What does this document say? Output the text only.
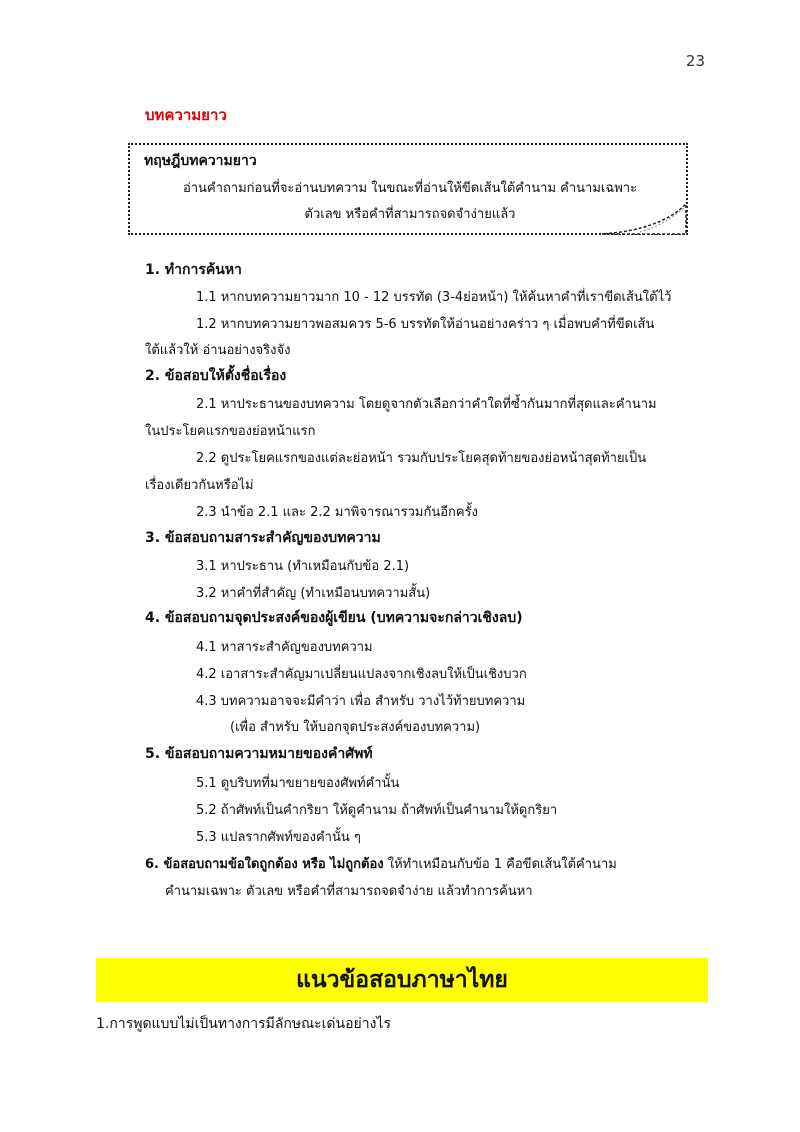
23
บทความยาว
ทฤษฎีบทความยาว
อ่านคำถามก่อนที่จะอ่านบทความ ในขณะที่อ่านให้ขีดเส้นใต้คำนาม คำนามเฉพาะ
ตัวเลข หรือคำที่สามารถจดจำง่ายแล้ว
1. ทำการค้นหา
1.1 หากบทความยาวมาก 10 - 12 บรรทัด (3-4ย่อหน้า) ให้ค้นหาคำที่เราขีดเส้นใต้ไว้
1.2 หากบทความยาวพอสมควร 5-6 บรรทัดให้อ่านอย่างคร่าว ๆ เมื่อพบคำที่ขีดเส้น
ใต้แล้วให้ อ่านอย่างจริงจัง
2. ข้อสอบให้ตั้งชื่อเรื่อง
2.1 หาประธานของบทความ โดยดูจากตัวเลือกว่าคำใดที่ซ้ำกันมากที่สุดและคำนาม
ในประโยคแรกของย่อหน้าแรก
2.2 ดูประโยคแรกของแต่ละย่อหน้า รวมกับประโยคสุดท้ายของย่อหน้าสุดท้ายเป็น
เรื่องเดียวกันหรือไม่
2.3 นำข้อ 2.1 และ 2.2 มาพิจารณารวมกันอีกครั้ง
3. ข้อสอบถามสาระสำคัญของบทความ
3.1 หาประธาน (ทำเหมือนกับข้อ 2.1)
3.2 หาคำที่สำคัญ (ทำเหมือนบทความสั้น)
4. ข้อสอบถามจุดประสงค์ของผู้เขียน (บทความจะกล่าวเชิงลบ)
4.1 หาสาระสำคัญของบทความ
4.2 เอาสาระสำคัญมาเปลี่ยนแปลงจากเชิงลบให้เป็นเชิงบวก
4.3 บทความอาจจะมีคำว่า เพื่อ สำหรับ วางไว้ท้ายบทความ
(เพื่อ สำหรับ ให้บอกจุดประสงค์ของบทความ)
5. ข้อสอบถามความหมายของคำศัพท์
5.1 ดูบริบทที่มาขยายของศัพท์คำนั้น
5.2 ถ้าศัพท์เป็นคำกริยา ให้ดูคำนาม ถ้าศัพท์เป็นคำนามให้ดูกริยา
5.3 แปลรากศัพท์ของคำนั้น ๆ
6. ข้อสอบถามข้อใดถูกต้อง หรือ ไม่ถูกต้อง ให้ทำเหมือนกับข้อ 1 คือขีดเส้นใต้คำนาม
คำนามเฉพาะ ตัวเลข หรือคำที่สามารถจดจำง่าย แล้วทำการค้นหา
แนวข้อสอบภาษาไทย
1.การพูดแบบไม่เป็นทางการมีลักษณะเด่นอย่างไร
